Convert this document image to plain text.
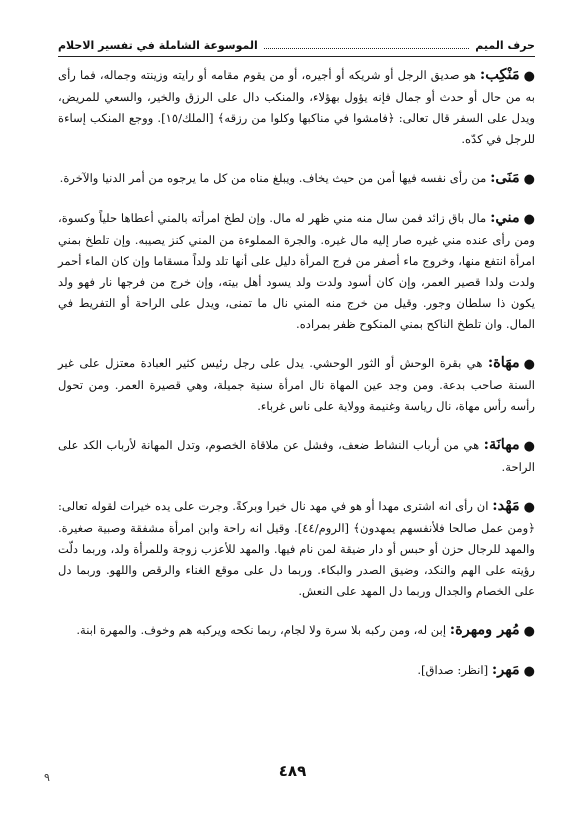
حرف الميم
الموسوعة الشاملة في تفسير الاحلام

●مَنْكِب: هو صديق الرجل أو شريكه أو أجيره، أو من يقوم مقامه أو رايته وزينته وجماله، فما رأى به من حال أو حدث أو جمال فإنه يؤول بهؤلاء، والمنكب دال على الرزق والخير، والسعي للمريض، ويدل على السفر قال تعالى: ﴿فامشوا في مناكبها وكلوا من رزقه﴾ [الملك/١٥]. ووجع المنكب إساءة للرجل في كدّه.

●مَنَى: من رأى نفسه فيها أمن من حيث يخاف. ويبلغ مناه من كل ما يرجوه من أمر الدنيا والآخرة.

●مني: مال باق زائد فمن سال منه مني ظهر له مال. وإن لطخ امرأته بالمني أعطاها حلياً وكسوة، ومن رأى عنده مني غيره صار إليه مال غيره. والجرة المملوءة من المني كنز يصيبه. وإن تلطخ بمني امرأة انتفع منها، وخروج ماء أصفر من فرج المرأة دليل على أنها تلد ولداً مسقاما وإن كان الماء أحمر ولدت ولدا قصير العمر، وإن كان أسود ولدت ولد يسود أهل بيته، وإن خرج من فرجها نار فهو ولد يكون ذا سلطان وجور. وقيل من خرج منه المني نال ما تمنى، ويدل على الراحة أو التفريط في المال. وان تلطخ الناكح بمني المنكوح ظفر بمراده.

●مهَاة: هي بقرة الوحش أو الثور الوحشي. يدل على رجل رئيس كثير العبادة معتزل على غير السنة صاحب بدعة. ومن وجد عين المهاة نال امرأة سنية جميلة، وهي قصيرة العمر. ومن تحول رأسه رأس مهاة، نال رياسة وغنيمة وولاية على ناس غرباء.

●مهانَة: هي من أرباب النشاط ضعف، وفشل عن ملاقاة الخصوم، وتدل المهانة لأرباب الكد على الراحة.

●مَهْد: ان رأى انه اشترى مهدا أو هو في مهد نال خيرا وبركةً. وجرت على يده خيرات لقوله تعالى: ﴿ومن عمل صالحا فلأنفسهم يمهدون﴾ [الروم/٤٤]. وقيل انه راحة وابن امرأة مشفقة وصبية صغيرة. والمهد للرجال حزن أو حبس أو دار ضيقة لمن نام فيها. والمهد للأعزب زوجة وللمرأة ولد، وربما دلّت رؤيته على الهم والنكد، وضيق الصدر والبكاء. وربما دل على موقع الغناء والرقص واللهو. وربما دل على الخصام والجدال وربما دل المهد على النعش.

●مُهر ومهرة: إبن له، ومن ركبه بلا سرة ولا لجام، ربما نكحه ويركبه هم وخوف. والمهرة ابنة.

●مَهر: [انظر: صداق].

٩	٤٨٩
